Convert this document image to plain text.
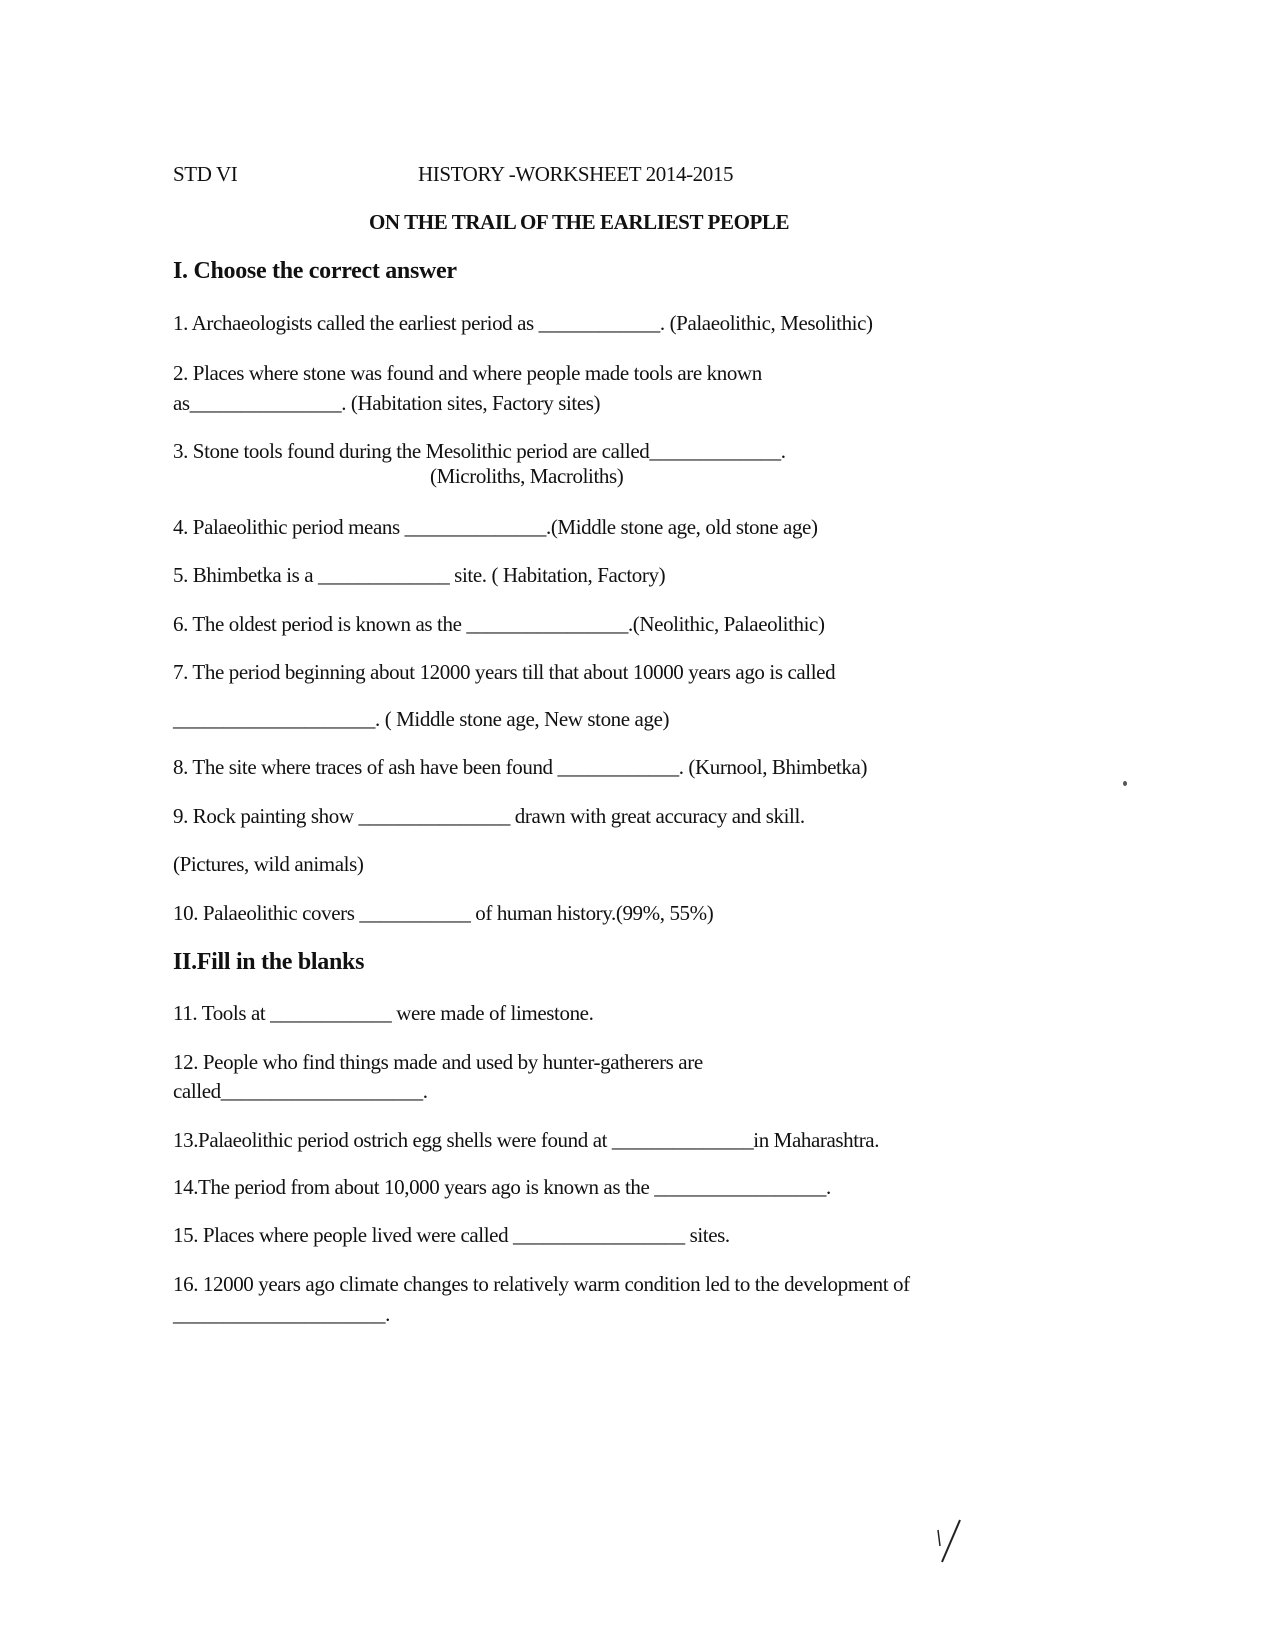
STD VI	HISTORY -WORKSHEET 2014-2015
ON THE TRAIL OF THE EARLIEST PEOPLE
I. Choose the correct answer
1. Archaeologists called the earliest period as ____________. (Palaeolithic, Mesolithic)
2. Places where stone was found and where people made tools are known
as_______________. (Habitation sites, Factory sites)
3. Stone tools found during the Mesolithic period are called_____________.
(Microliths, Macroliths)
4. Palaeolithic period means ______________.(Middle stone age, old stone age)
5. Bhimbetka is a _____________ site. ( Habitation, Factory)
6. The oldest period is known as the ________________.(Neolithic, Palaeolithic)
7. The period beginning about 12000 years till that about 10000 years ago is called
____________________. ( Middle stone age, New stone age)
8. The site where traces of ash have been found ____________. (Kurnool, Bhimbetka)
9. Rock painting show _______________ drawn with great accuracy and skill.
(Pictures, wild animals)
10. Palaeolithic covers ___________ of human history.(99%, 55%)
II.Fill in the blanks
11. Tools at ____________ were made of limestone.
12. People who find things made and used by hunter-gatherers are
called____________________.
13.Palaeolithic period ostrich egg shells were found at ______________in Maharashtra.
14.The period from about 10,000 years ago is known as the _________________.
15. Places where people lived were called _________________ sites.
16. 12000 years ago climate changes to relatively warm condition led to the development of
_____________________.
